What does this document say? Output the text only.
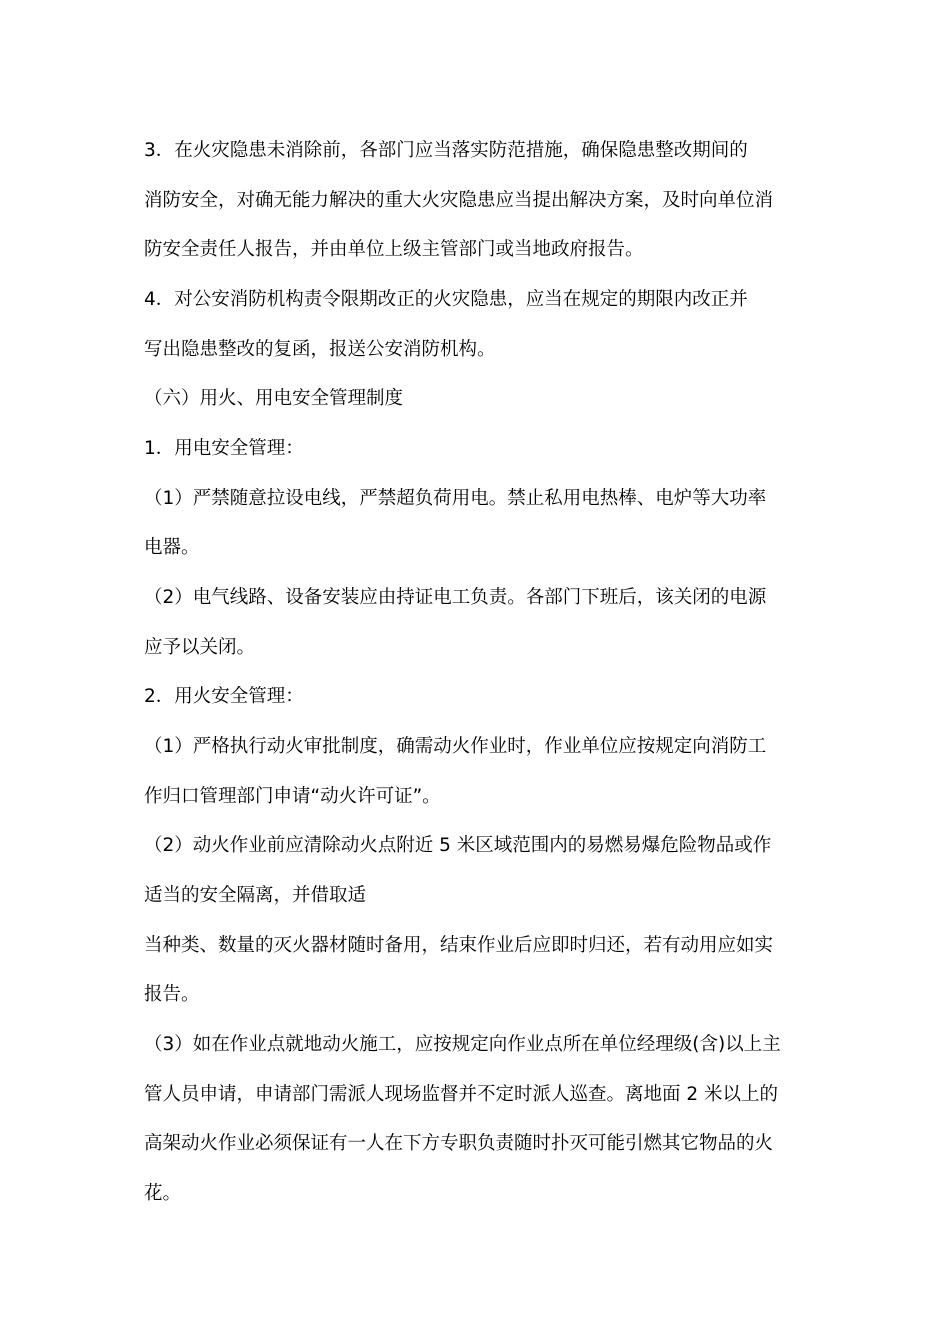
3．在火灾隐患未消除前，各部门应当落实防范措施，确保隐患整改期间的
消防安全，对确无能力解决的重大火灾隐患应当提出解决方案，及时向单位消
防安全责任人报告，并由单位上级主管部门或当地政府报告。
4．对公安消防机构责令限期改正的火灾隐患，应当在规定的期限内改正并
写出隐患整改的复函，报送公安消防机构。
（六）用火、用电安全管理制度
1．用电安全管理：
（1）严禁随意拉设电线，严禁超负荷用电。禁止私用电热棒、电炉等大功率
电器。
（2）电气线路、设备安装应由持证电工负责。各部门下班后，该关闭的电源
应予以关闭。
2．用火安全管理：
（1）严格执行动火审批制度，确需动火作业时，作业单位应按规定向消防工
作归口管理部门申请“动火许可证”。
（2）动火作业前应清除动火点附近 5 米区域范围内的易燃易爆危险物品或作
适当的安全隔离，并借取适
当种类、数量的灭火器材随时备用，结束作业后应即时归还，若有动用应如实
报告。
（3）如在作业点就地动火施工，应按规定向作业点所在单位经理级(含)以上主
管人员申请，申请部门需派人现场监督并不定时派人巡查。离地面 2 米以上的
高架动火作业必须保证有一人在下方专职负责随时扑灭可能引燃其它物品的火
花。
